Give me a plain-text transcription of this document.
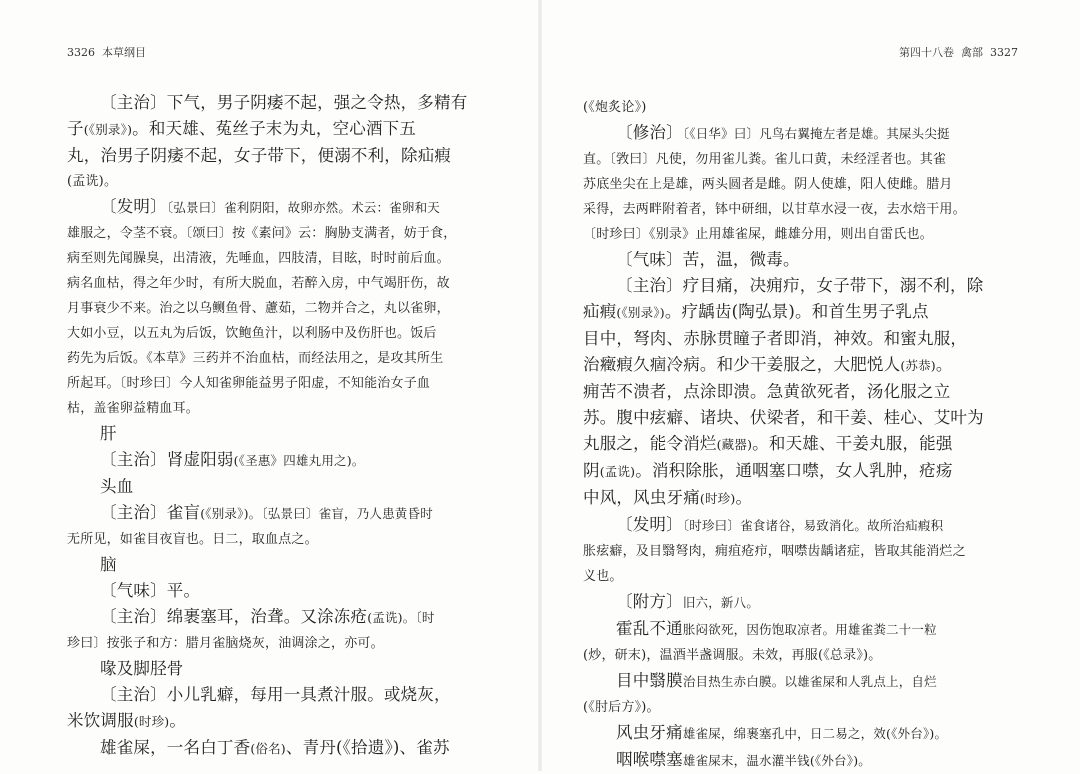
3326 本草纲目

〔主治〕下气，男子阴痿不起，强之令热，多精有

子(《别录》)。和天雄、菟丝子末为丸，空心酒下五

丸，治男子阴痿不起，女子带下，便溺不利，除疝瘕

(孟诜)。

〔发明〕〔弘景曰〕雀利阴阳，故卵亦然。术云：雀卵和天

雄服之，令茎不衰。〔颂曰〕按《素问》云：胸胁支满者，妨于食，

病至则先闻臊臭，出清液，先唾血，四肢清，目眩，时时前后血。

病名血枯，得之年少时，有所大脱血，若醉入房，中气竭肝伤，故

月事衰少不来。治之以乌鲗鱼骨、藘茹，二物并合之，丸以雀卵，

大如小豆，以五丸为后饭，饮鲍鱼汁，以利肠中及伤肝也。饭后

药先为后饭。《本草》三药并不治血枯，而经法用之，是攻其所生

所起耳。〔时珍曰〕今人知雀卵能益男子阳虚，不知能治女子血

枯，盖雀卵益精血耳。

肝

〔主治〕肾虚阳弱(《圣惠》四雄丸用之)。

头血

〔主治〕雀盲(《别录》)。〔弘景曰〕雀盲，乃人患黄昏时

无所见，如雀目夜盲也。日二，取血点之。

脑

〔气味〕平。

〔主治〕绵裹塞耳，治聋。又涂冻疮(孟诜)。〔时

珍曰〕按张子和方：腊月雀脑烧灰，油调涂之，亦可。

喙及脚胫骨

〔主治〕小儿乳癖，每用一具煮汁服。或烧灰，

米饮调服(时珍)。

雄雀屎，一名白丁香(俗名)、青丹(《拾遗》)、雀苏

第四十八卷 禽部 3327

(《炮炙论》)

〔修治〕〔《日华》曰〕凡鸟右翼掩左者是雄。其屎头尖挺

直。〔敩曰〕凡使，勿用雀儿粪。雀儿口黄，未经淫者也。其雀

苏底坐尖在上是雄，两头圆者是雌。阴人使雄，阳人使雌。腊月

采得，去两畔附着者，钵中研细，以甘草水浸一夜，去水焙干用。

〔时珍曰〕《别录》止用雄雀屎，雌雄分用，则出自雷氏也。

〔气味〕苦，温，微毒。

〔主治〕疗目痛，决痈疖，女子带下，溺不利，除

疝瘕(《别录》)。疗龋齿(陶弘景)。和首生男子乳点

目中，弩肉、赤脉贯瞳子者即消，神效。和蜜丸服，

治癥瘕久痼冷病。和少干姜服之，大肥悦人(苏恭)。

痈苦不溃者，点涂即溃。急黄欲死者，汤化服之立

苏。腹中痃癖、诸块、伏梁者，和干姜、桂心、艾叶为

丸服之，能令消烂(藏器)。和天雄、干姜丸服，能强

阴(孟诜)。消积除胀，通咽塞口噤，女人乳肿，疮疡

中风，风虫牙痛(时珍)。

〔发明〕〔时珍曰〕雀食诸谷，易致消化。故所治疝瘕积

胀痃癖，及目翳弩肉，痈疽疮疖，咽噤齿龋诸症，皆取其能消烂之

义也。

〔附方〕旧六，新八。

霍乱不通胀闷欲死，因伤饱取凉者。用雄雀粪二十一粒

(炒，研末)，温酒半盏调服。未效，再服(《总录》)。

目中翳膜治目热生赤白膜。以雄雀屎和人乳点上，自烂

(《肘后方》)。

风虫牙痛雄雀屎，绵裹塞孔中，日二易之，效(《外台》)。

咽喉噤塞雄雀屎末，温水灌半钱(《外台》)。
